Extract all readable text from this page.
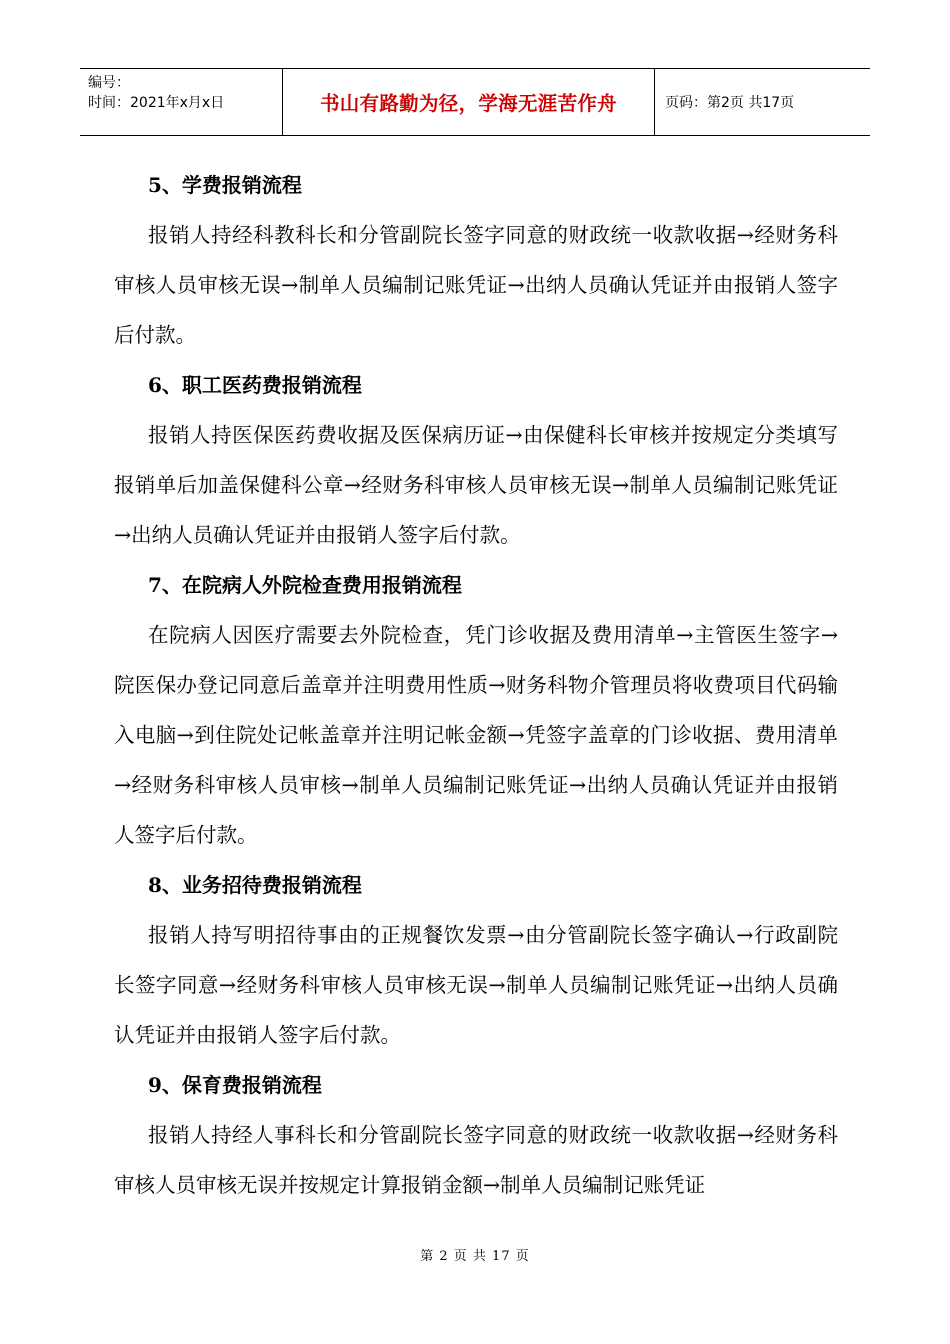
编号：
时间：2021年x月x日	书山有路勤为径，学海无涯苦作舟	页码：第2页 共17页
5、学费报销流程

报销人持经科教科长和分管副院长签字同意的财政统一收款收据→经财务科审核人员审核无误→制单人员编制记账凭证→出纳人员确认凭证并由报销人签字后付款。

6、职工医药费报销流程

报销人持医保医药费收据及医保病历证→由保健科长审核并按规定分类填写报销单后加盖保健科公章→经财务科审核人员审核无误→制单人员编制记账凭证→出纳人员确认凭证并由报销人签字后付款。

7、在院病人外院检查费用报销流程

在院病人因医疗需要去外院检查，凭门诊收据及费用清单→主管医生签字→院医保办登记同意后盖章并注明费用性质→财务科物介管理员将收费项目代码输入电脑→到住院处记帐盖章并注明记帐金额→凭签字盖章的门诊收据、费用清单→经财务科审核人员审核→制单人员编制记账凭证→出纳人员确认凭证并由报销人签字后付款。

8、业务招待费报销流程

报销人持写明招待事由的正规餐饮发票→由分管副院长签字确认→行政副院长签字同意→经财务科审核人员审核无误→制单人员编制记账凭证→出纳人员确认凭证并由报销人签字后付款。

9、保育费报销流程

报销人持经人事科长和分管副院长签字同意的财政统一收款收据→经财务科审核人员审核无误并按规定计算报销金额→制单人员编制记账凭证

第 2 页 共 17 页
